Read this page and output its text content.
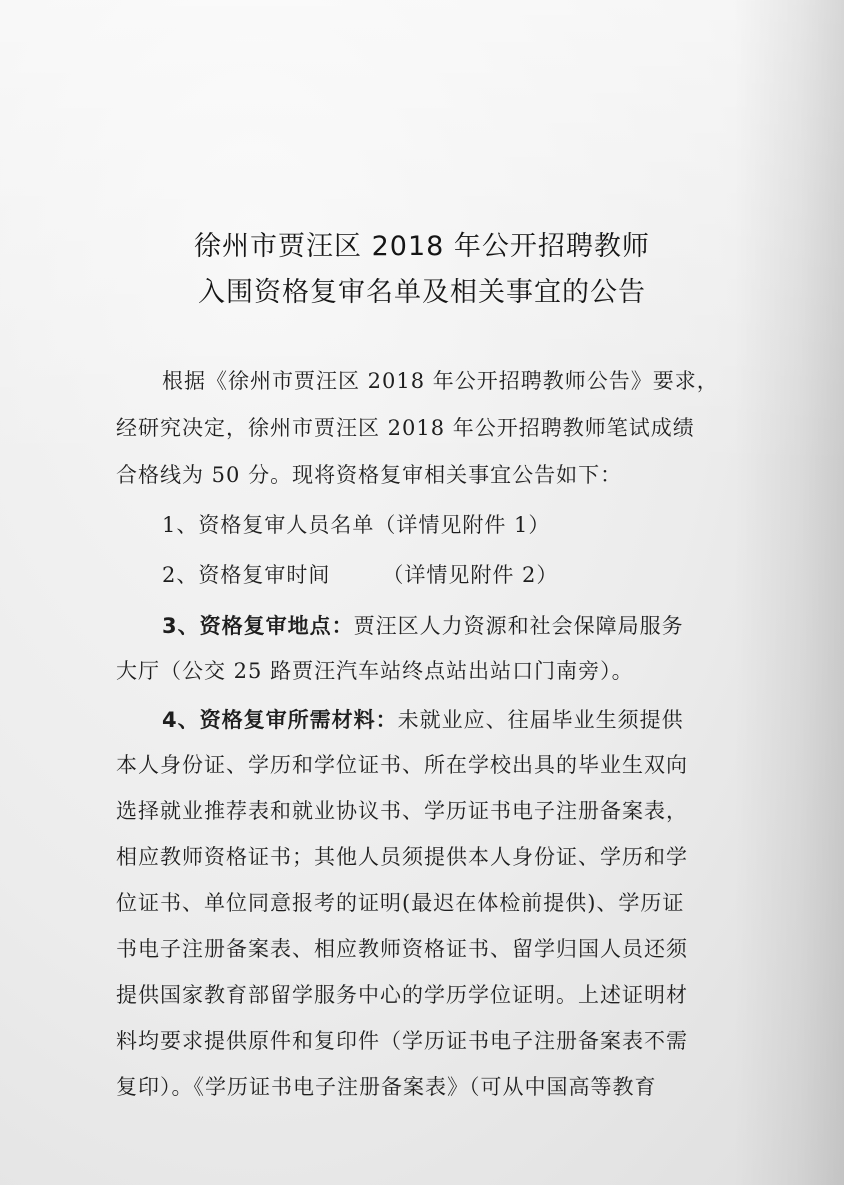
徐州市贾汪区 2018 年公开招聘教师
入围资格复审名单及相关事宜的公告
根据《徐州市贾汪区 2018 年公开招聘教师公告》要求，
经研究决定，徐州市贾汪区 2018 年公开招聘教师笔试成绩
合格线为 50 分。现将资格复审相关事宜公告如下：
1、资格复审人员名单（详情见附件 1）
2、资格复审时间 （详情见附件 2）
3、资格复审地点：贾汪区人力资源和社会保障局服务
大厅（公交 25 路贾汪汽车站终点站出站口门南旁）。
4、资格复审所需材料：未就业应、往届毕业生须提供
本人身份证、学历和学位证书、所在学校出具的毕业生双向
选择就业推荐表和就业协议书、学历证书电子注册备案表，
相应教师资格证书；其他人员须提供本人身份证、学历和学
位证书、单位同意报考的证明(最迟在体检前提供)、学历证
书电子注册备案表、相应教师资格证书、留学归国人员还须
提供国家教育部留学服务中心的学历学位证明。上述证明材
料均要求提供原件和复印件（学历证书电子注册备案表不需
复印）。《学历证书电子注册备案表》（可从中国高等教育
